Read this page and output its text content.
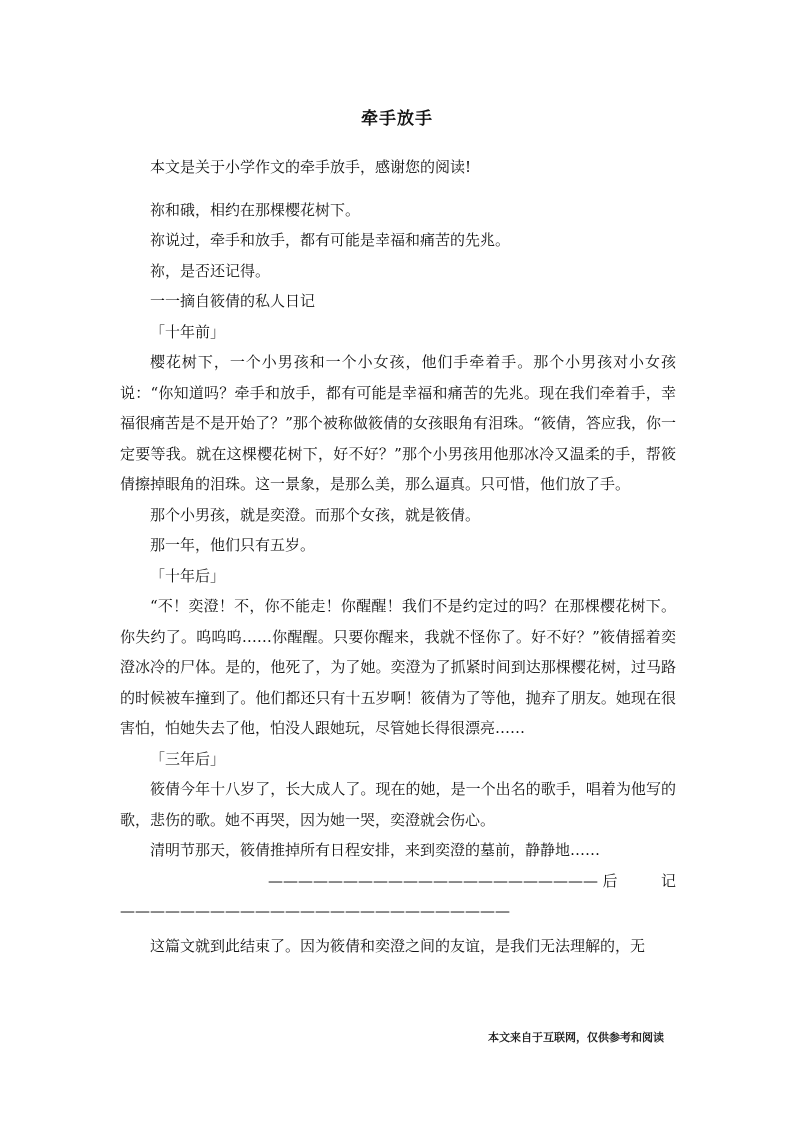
牵手放手

本文是关于小学作文的牵手放手，感谢您的阅读!

祢和硪，相约在那棵樱花树下。

祢说过，牵手和放手，都有可能是幸福和痛苦的先兆。

祢，是否还记得。

一一摘自筱倩的私人日记

「十年前」

樱花树下，一个小男孩和一个小女孩，他们手牵着手。那个小男孩对小女孩说：“你知道吗？牵手和放手，都有可能是幸福和痛苦的先兆。现在我们牵着手，幸福很痛苦是不是开始了？”那个被称做筱倩的女孩眼角有泪珠。“筱倩，答应我，你一定要等我。就在这棵樱花树下，好不好？”那个小男孩用他那冰冷又温柔的手，帮筱倩擦掉眼角的泪珠。这一景象，是那么美，那么逼真。只可惜，他们放了手。

那个小男孩，就是奕澄。而那个女孩，就是筱倩。

那一年，他们只有五岁。

「十年后」

“不！奕澄！不，你不能走！你醒醒！我们不是约定过的吗？在那棵樱花树下。你失约了。呜呜呜……你醒醒。只要你醒来，我就不怪你了。好不好？”筱倩摇着奕澄冰冷的尸体。是的，他死了，为了她。奕澄为了抓紧时间到达那棵樱花树，过马路的时候被车撞到了。他们都还只有十五岁啊！筱倩为了等他，抛弃了朋友。她现在很害怕，怕她失去了他，怕没人跟她玩，尽管她长得很漂亮……

「三年后」

筱倩今年十八岁了，长大成人了。现在的她，是一个出名的歌手，唱着为他写的歌，悲伤的歌。她不再哭，因为她一哭，奕澄就会伤心。

清明节那天，筱倩推掉所有日程安排，来到奕澄的墓前，静静地……

——————————————————————后　　记

——————————————————————————

这篇文就到此结束了。因为筱倩和奕澄之间的友谊，是我们无法理解的，无

本文来自于互联网，仅供参考和阅读
